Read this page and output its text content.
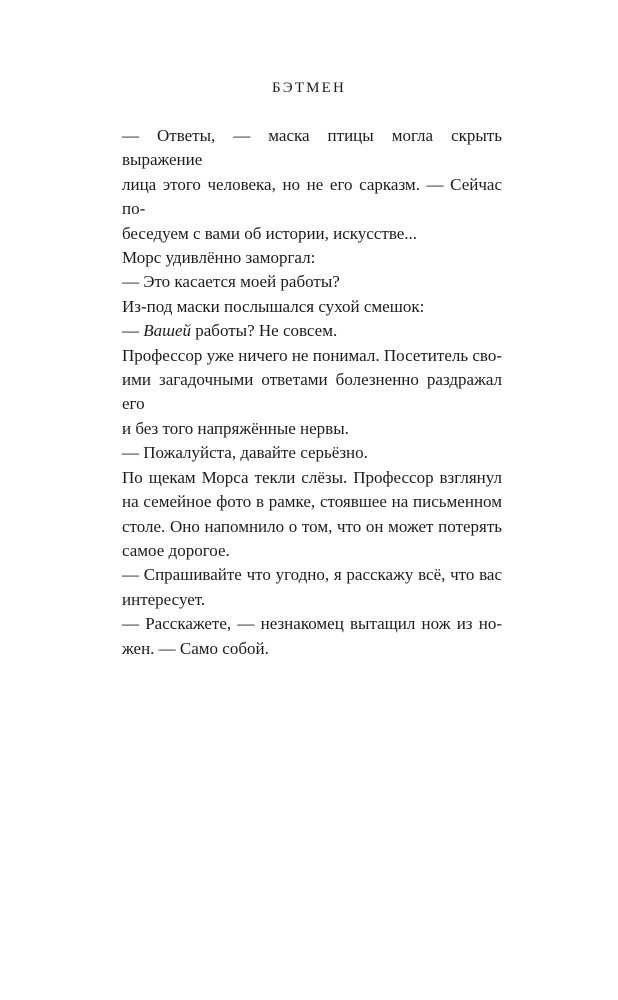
БЭТМЕН

— Ответы, — маска птицы могла скрыть выражение
лица этого человека, но не его сарказм. — Сейчас по-
беседуем с вами об истории, искусстве...

Морс удивлённо заморгал:

— Это касается моей работы?

Из-под маски послышался сухой смешок:

— Вашей работы? Не совсем.

Профессор уже ничего не понимал. Посетитель сво-
ими загадочными ответами болезненно раздражал его
и без того напряжённые нервы.

— Пожалуйста, давайте серьёзно.

По щекам Морса текли слёзы. Профессор взглянул
на семейное фото в рамке, стоявшее на письменном
столе. Оно напомнило о том, что он может потерять
самое дорогое.

— Спрашивайте что угодно, я расскажу всё, что вас
интересует.

— Расскажете, — незнакомец вытащил нож из но-
жен. — Само собой.
